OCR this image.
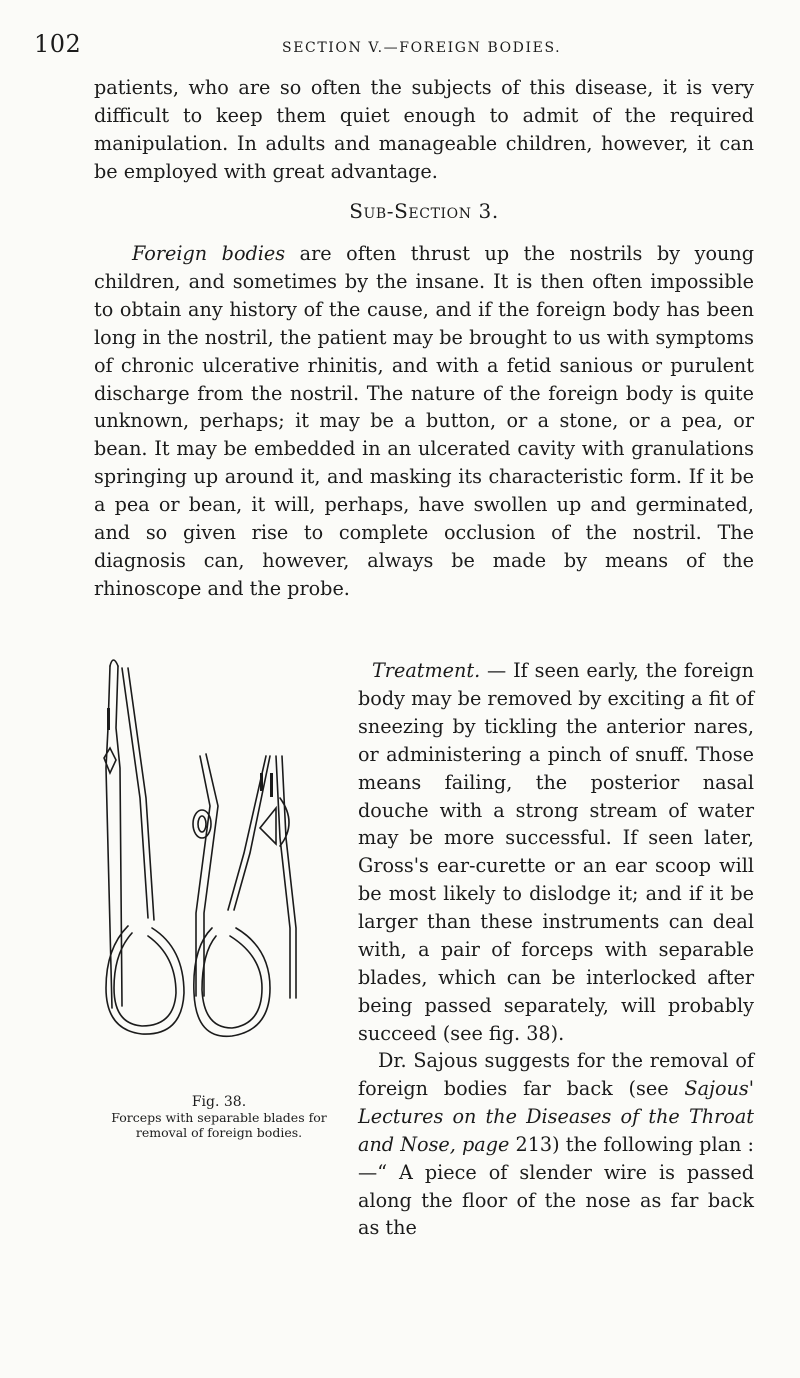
102	SECTION V.—FOREIGN BODIES.

patients, who are so often the subjects of this disease, it is very difficult to keep them quiet enough to admit of the required manipulation. In adults and manageable children, however, it can be employed with great advantage.

Sub-Section 3.

Foreign bodies are often thrust up the nostrils by young children, and sometimes by the insane. It is then often impossible to obtain any history of the cause, and if the foreign body has been long in the nostril, the patient may be brought to us with symptoms of chronic ulcerative rhinitis, and with a fetid sanious or purulent discharge from the nostril. The nature of the foreign body is quite unknown, perhaps; it may be a button, or a stone, or a pea, or bean. It may be embedded in an ulcerated cavity with granulations springing up around it, and masking its characteristic form. If it be a pea or bean, it will, perhaps, have swollen up and germinated, and so given rise to complete occlusion of the nostril. The diagnosis can, however, always be made by means of the rhinoscope and the probe.

Fig. 38.
Forceps with separable blades for
removal of foreign bodies.
Treatment. — If seen early, the foreign body may be removed by exciting a fit of sneezing by tickling the anterior nares, or administering a pinch of snuff. Those means failing, the posterior nasal douche with a strong stream of water may be more successful. If seen later, Gross's ear-curette or an ear scoop will be most likely to dislodge it; and if it be larger than these instruments can deal with, a pair of forceps with separable blades, which can be interlocked after being passed separately, will probably succeed (see fig. 38).
Dr. Sajous suggests for the removal of foreign bodies far back (see Sajous' Lectures on the Diseases of the Throat and Nose, page 213) the following plan :—“ A piece of slender wire is passed along the floor of the nose as far back as the
